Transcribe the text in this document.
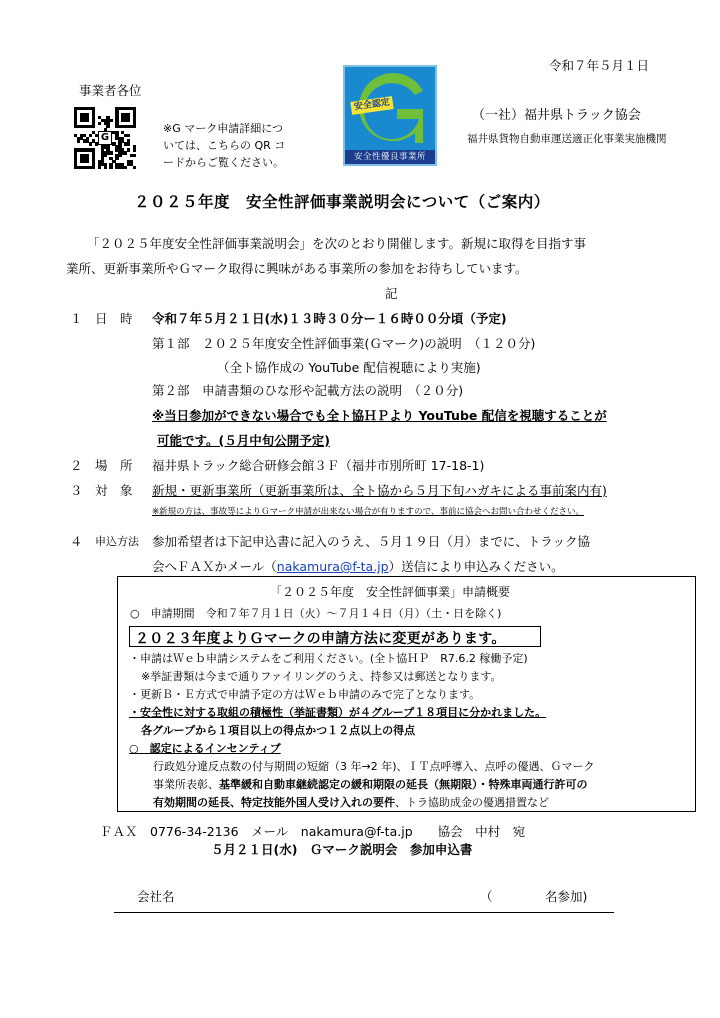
令和７年５月１日
事業者各位
G
※G マーク申請詳細につ
いては、こちらの QR コ
ードからご覧ください。
安全認定
安全性優良事業所
（一社）福井県トラック協会
福井県貨物自動車運送適正化事業実施機関
２０２５年度　安全性評価事業説明会について（ご案内）
「２０２５年度安全性評価事業説明会」を次のとおり開催します。新規に取得を目指す事
業所、更新事業所やＧマーク取得に興味がある事業所の参加をお待ちしています。
記
１ 日　時 令和７年５月２１日(水)１３時３０分ー１６時００分頃（予定)
第１部　２０２５年度安全性評価事業(Ｇマーク)の説明　（１２０分)
（全ト協作成の YouTube 配信視聴により実施)
第２部　申請書類のひな形や記載方法の説明　（２０分)
※当日参加ができない場合でも全ト協ＨＰより YouTube 配信を視聴することが
可能です。(５月中旬公開予定)
２ 場　所 福井県トラック総合研修会館３Ｆ（福井市別所町 17-18-1)
３ 対　象 新規・更新事業所（更新事業所は、全ト協から５月下旬ハガキによる事前案内有)
※新規の方は、事故等によりＧマーク申請が出来ない場合が有りますので、事前に協会へお問い合わせください。
４ 申込方法 参加希望者は下記申込書に記入のうえ、５月１９日（月）までに、トラック協
会へＦＡＸかメール（nakamura@f-ta.jp）送信により申込みください。
「２０２５年度　安全性評価事業」申請概要
○　申請期間　令和７年７月１日（火）～７月１４日（月）（土・日を除く)
２０２３年度よりＧマークの申請方法に変更があります。
・申請はＷｅｂ申請システムをご利用ください。(全ト協ＨＰ　R7.6.2 稼働予定)
※挙証書類は今まで通りファイリングのうえ、持参又は郵送となります。
・更新Ｂ・Ｅ方式で申請予定の方はＷｅｂ申請のみで完了となります。
・安全性に対する取組の積極性（挙証書類）が４グループ１８項目に分かれました。
各グループから１項目以上の得点かつ１２点以上の得点
○　認定によるインセンティブ
行政処分違反点数の付与期間の短縮（3 年→2 年)、ＩＴ点呼導入、点呼の優遇、Ｇマーク
事業所表彰、基準緩和自動車継続認定の緩和期限の延長（無期限）・特殊車両通行許可の
有効期間の延長、特定技能外国人受け入れの要件、トラ協助成金の優遇措置など
ＦＡＸ　0776-34-2136　メール　nakamura@f-ta.jp　　協会　中村　宛
５月２１日(水)　Ｇマーク説明会　参加申込書
会社名	（	名参加)
